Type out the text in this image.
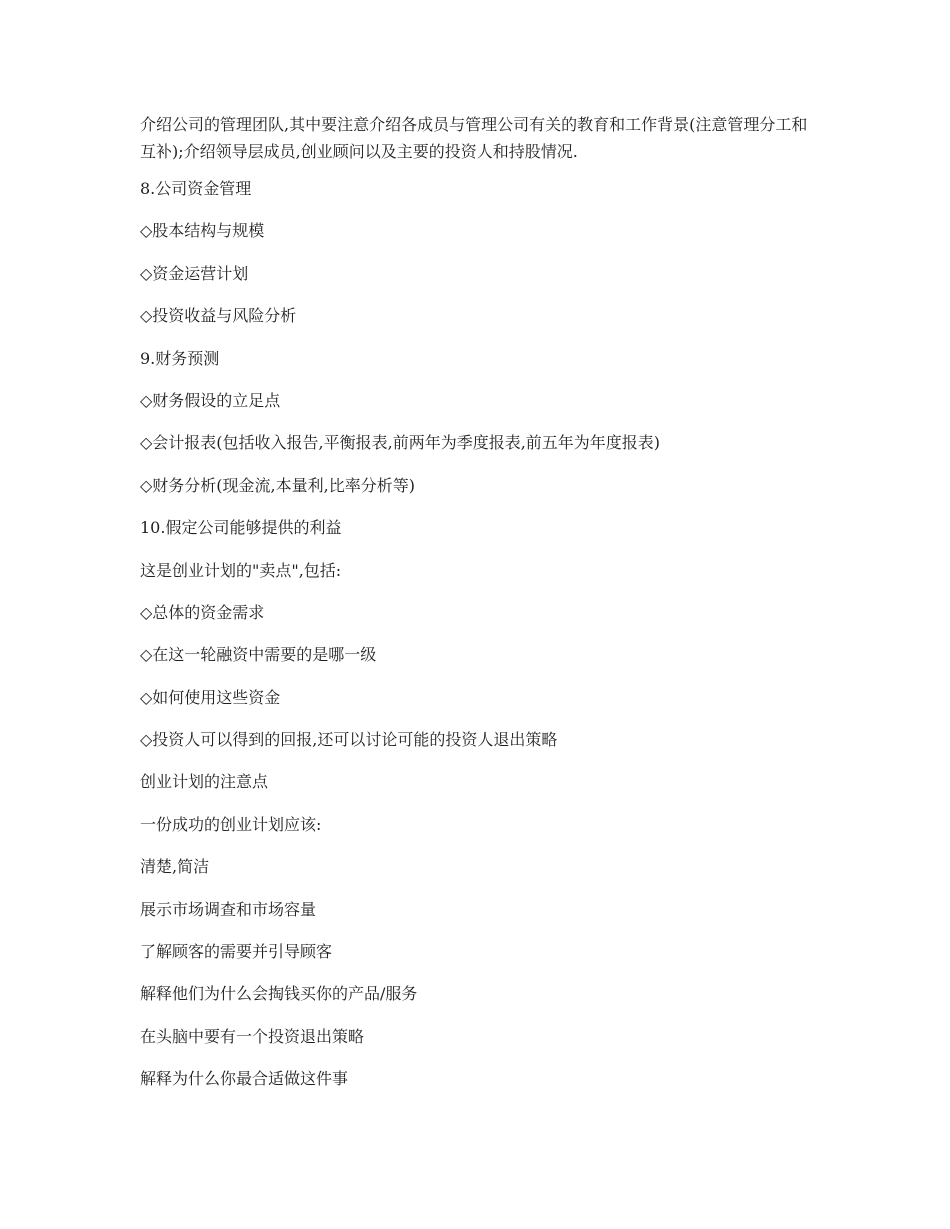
介绍公司的管理团队,其中要注意介绍各成员与管理公司有关的教育和工作背景(注意管理分工和互补);介绍领导层成员,创业顾问以及主要的投资人和持股情况.

8.公司资金管理

◇股本结构与规模

◇资金运营计划

◇投资收益与风险分析

9.财务预测

◇财务假设的立足点

◇会计报表(包括收入报告,平衡报表,前两年为季度报表,前五年为年度报表)

◇财务分析(现金流,本量利,比率分析等)

10.假定公司能够提供的利益

这是创业计划的"卖点",包括:

◇总体的资金需求

◇在这一轮融资中需要的是哪一级

◇如何使用这些资金

◇投资人可以得到的回报,还可以讨论可能的投资人退出策略

创业计划的注意点

一份成功的创业计划应该:

清楚,简洁

展示市场调查和市场容量

了解顾客的需要并引导顾客

解释他们为什么会掏钱买你的产品/服务

在头脑中要有一个投资退出策略

解释为什么你最合适做这件事
